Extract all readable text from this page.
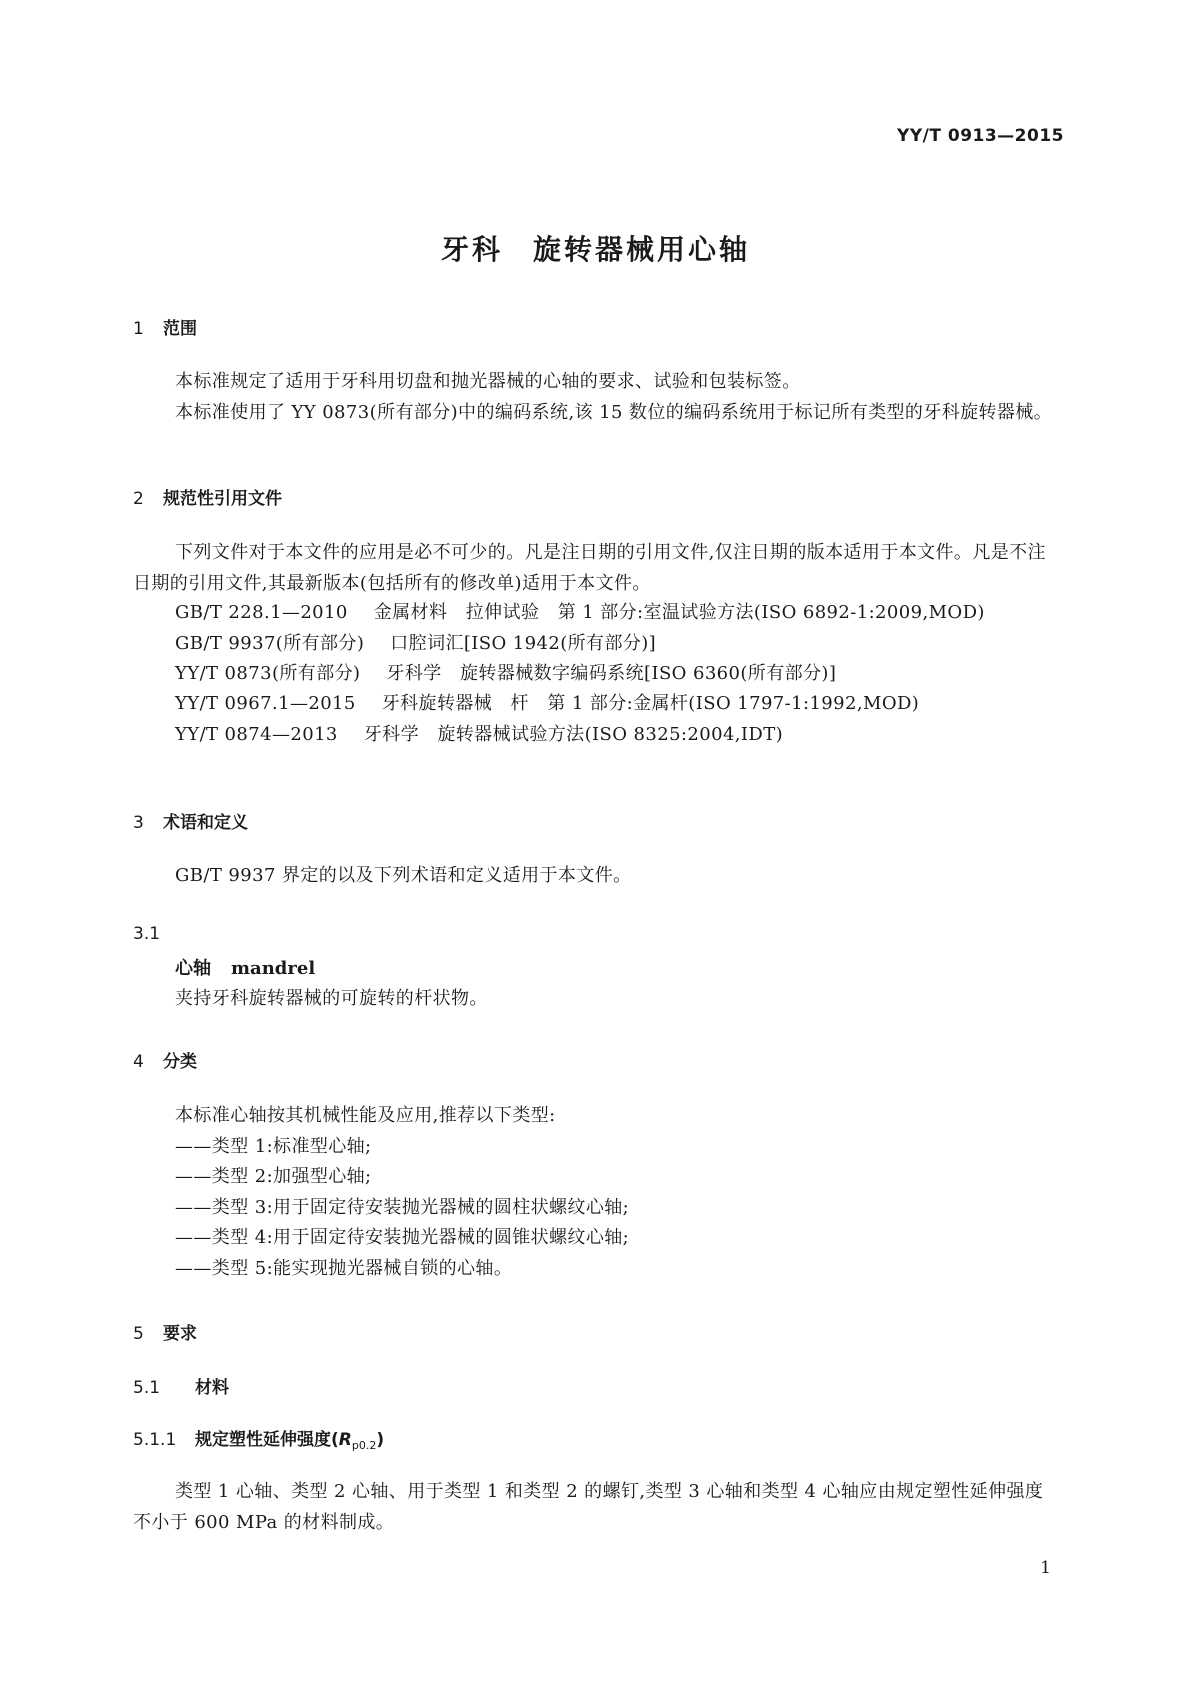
YY/T 0913—2015
牙科 旋转器械用心轴
1 范围

本标准规定了适用于牙科用切盘和抛光器械的心轴的要求、试验和包装标签。

本标准使用了 YY 0873(所有部分)中的编码系统,该 15 数位的编码系统用于标记所有类型的牙科旋转器械。

2 规范性引用文件

下列文件对于本文件的应用是必不可少的。凡是注日期的引用文件,仅注日期的版本适用于本文件。凡是不注日期的引用文件,其最新版本(包括所有的修改单)适用于本文件。

GB/T 228.1—2010 金属材料　拉伸试验　第 1 部分:室温试验方法(ISO 6892-1:2009,MOD)
GB/T 9937(所有部分) 口腔词汇[ISO 1942(所有部分)]
YY/T 0873(所有部分) 牙科学　旋转器械数字编码系统[ISO 6360(所有部分)]
YY/T 0967.1—2015 牙科旋转器械　杆　第 1 部分:金属杆(ISO 1797-1:1992,MOD)
YY/T 0874—2013 牙科学　旋转器械试验方法(ISO 8325:2004,IDT)
3 术语和定义
GB/T 9937 界定的以及下列术语和定义适用于本文件。
3.1
心轴 mandrel
夹持牙科旋转器械的可旋转的杆状物。
4 分类
本标准心轴按其机械性能及应用,推荐以下类型:
——类型 1:标准型心轴;
——类型 2:加强型心轴;
——类型 3:用于固定待安装抛光器械的圆柱状螺纹心轴;
——类型 4:用于固定待安装抛光器械的圆锥状螺纹心轴;
——类型 5:能实现抛光器械自锁的心轴。
5 要求
5.1 材料
5.1.1 规定塑性延伸强度$(R_{p0.2})$

类型 1 心轴、类型 2 心轴、用于类型 1 和类型 2 的螺钉,类型 3 心轴和类型 4 心轴应由规定塑性延伸强度不小于 600 MPa 的材料制成。

1
